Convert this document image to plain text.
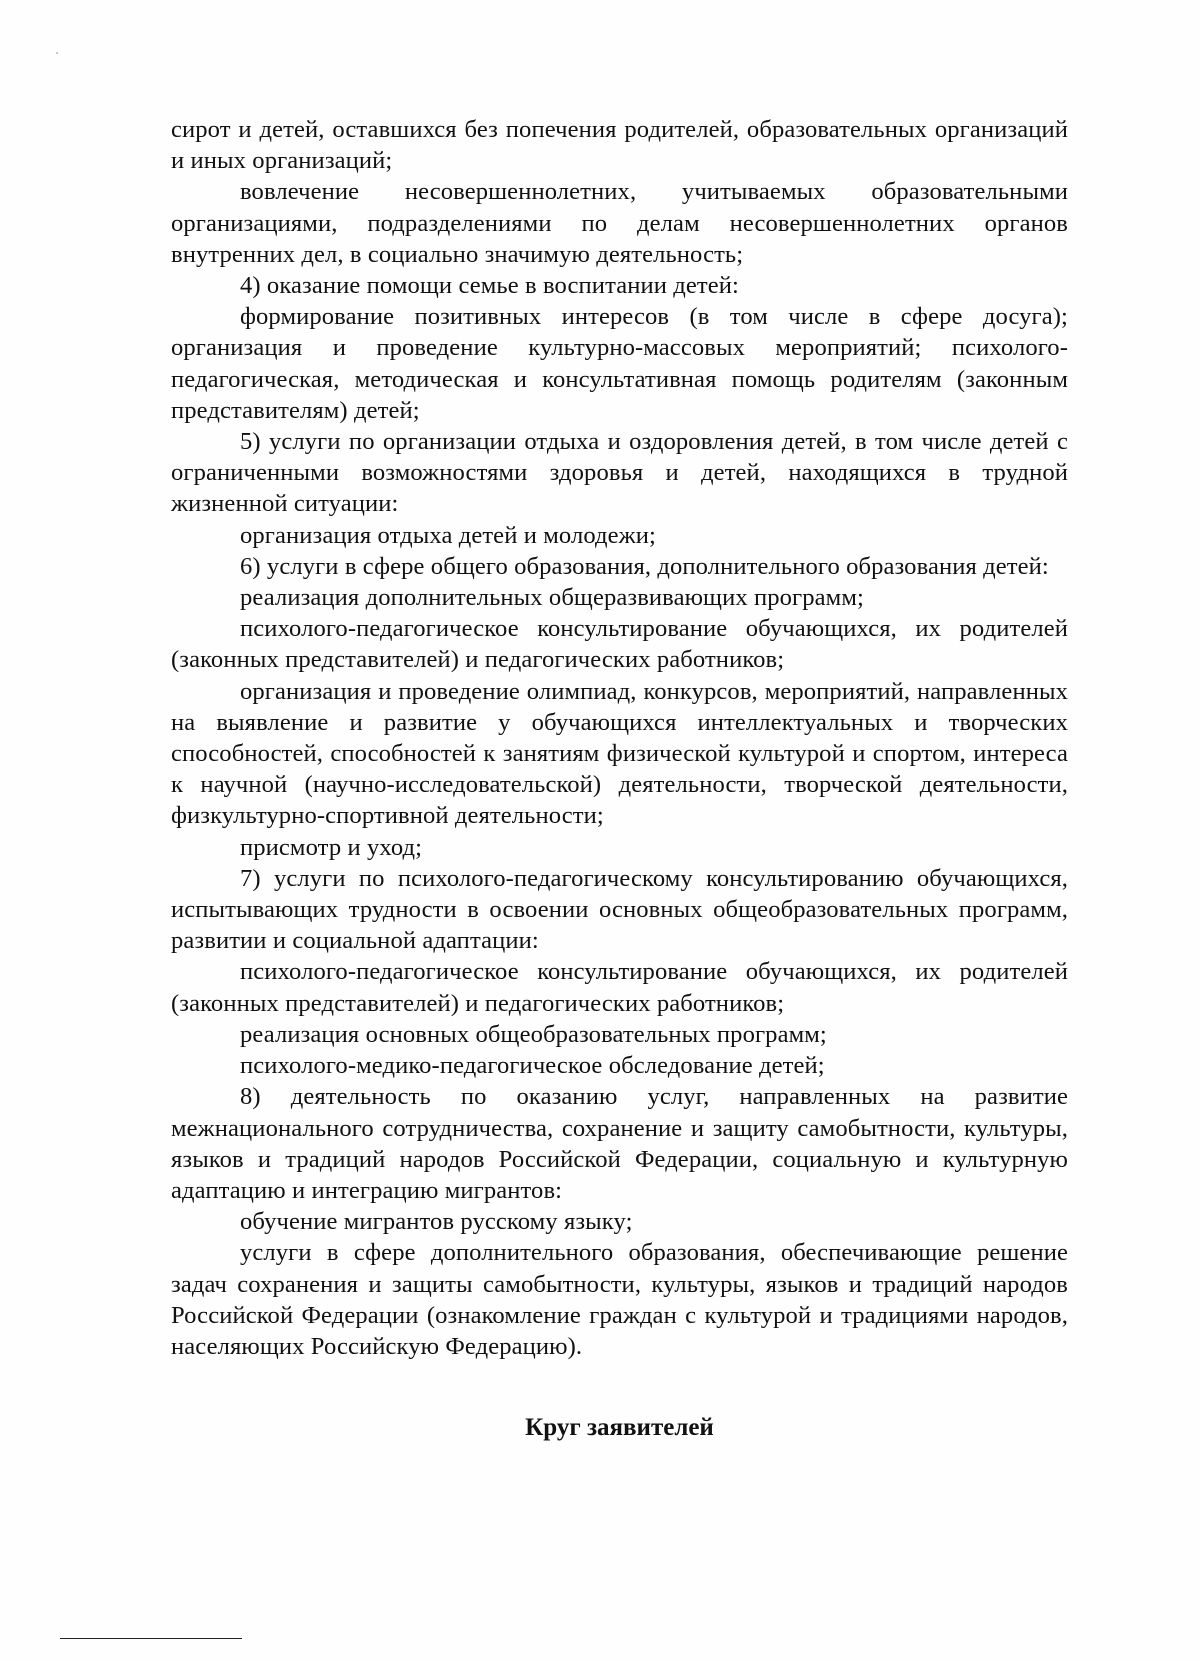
сирот и детей, оставшихся без попечения родителей, образовательных организаций и иных организаций;

вовлечение несовершеннолетних, учитываемых образовательными организациями, подразделениями по делам несовершеннолетних органов внутренних дел, в социально значимую деятельность;

4) оказание помощи семье в воспитании детей:

формирование позитивных интересов (в том числе в сфере досуга); организация и проведение культурно-массовых мероприятий; психолого-педагогическая, методическая и консультативная помощь родителям (законным представителям) детей;

5) услуги по организации отдыха и оздоровления детей, в том числе детей с ограниченными возможностями здоровья и детей, находящихся в трудной жизненной ситуации:

организация отдыха детей и молодежи;

6) услуги в сфере общего образования, дополнительного образования детей:

реализация дополнительных общеразвивающих программ;

психолого-педагогическое консультирование обучающихся, их родителей (законных представителей) и педагогических работников;

организация и проведение олимпиад, конкурсов, мероприятий, направленных на выявление и развитие у обучающихся интеллектуальных и творческих способностей, способностей к занятиям физической культурой и спортом, интереса к научной (научно-исследовательской) деятельности, творческой деятельности, физкультурно-спортивной деятельности;

присмотр и уход;

7) услуги по психолого-педагогическому консультированию обучающихся, испытывающих трудности в освоении основных общеобразовательных программ, развитии и социальной адаптации:

психолого-педагогическое консультирование обучающихся, их родителей (законных представителей) и педагогических работников;

реализация основных общеобразовательных программ;

психолого-медико-педагогическое обследование детей;

8) деятельность по оказанию услуг, направленных на развитие межнационального сотрудничества, сохранение и защиту самобытности, культуры, языков и традиций народов Российской Федерации, социальную и культурную адаптацию и интеграцию мигрантов:

обучение мигрантов русскому языку;

услуги в сфере дополнительного образования, обеспечивающие решение задач сохранения и защиты самобытности, культуры, языков и традиций народов Российской Федерации (ознакомление граждан с культурой и традициями народов, населяющих Российскую Федерацию).

Круг заявителей
